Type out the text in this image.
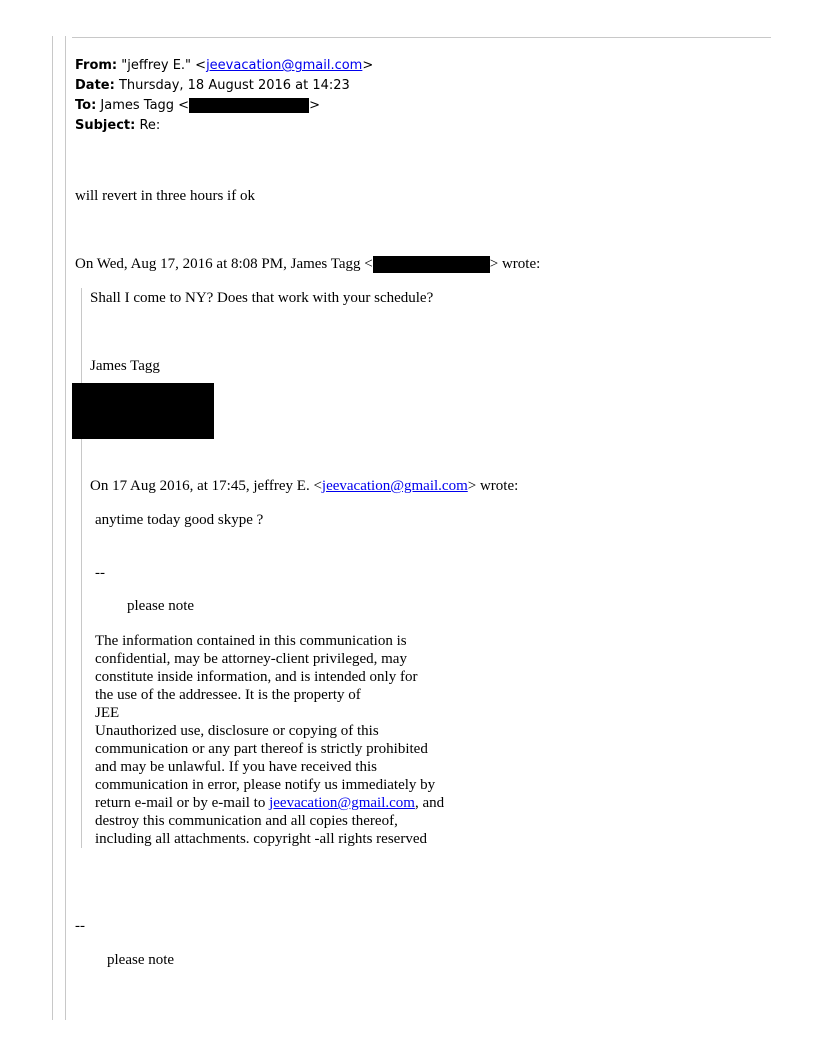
From: "jeffrey E." <jeevacation@gmail.com>
Date: Thursday, 18 August 2016 at 14:23
To: James Tagg <	>
Subject: Re:
will revert in three hours if ok
On Wed, Aug 17, 2016 at 8:08 PM, James Tagg <	> wrote:
Shall I come to NY? Does that work with your schedule?
James Tagg
On 17 Aug 2016, at 17:45, jeffrey E. <jeevacation@gmail.com> wrote:
anytime today good skype ?
--
please note
The information contained in this communication is
confidential, may be attorney-client privileged, may
constitute inside information, and is intended only for
the use of the addressee. It is the property of
JEE
Unauthorized use, disclosure or copying of this
communication or any part thereof is strictly prohibited
and may be unlawful. If you have received this
communication in error, please notify us immediately by
return e-mail or by e-mail to jeevacation@gmail.com, and
destroy this communication and all copies thereof,
including all attachments. copyright -all rights reserved
--
please note
